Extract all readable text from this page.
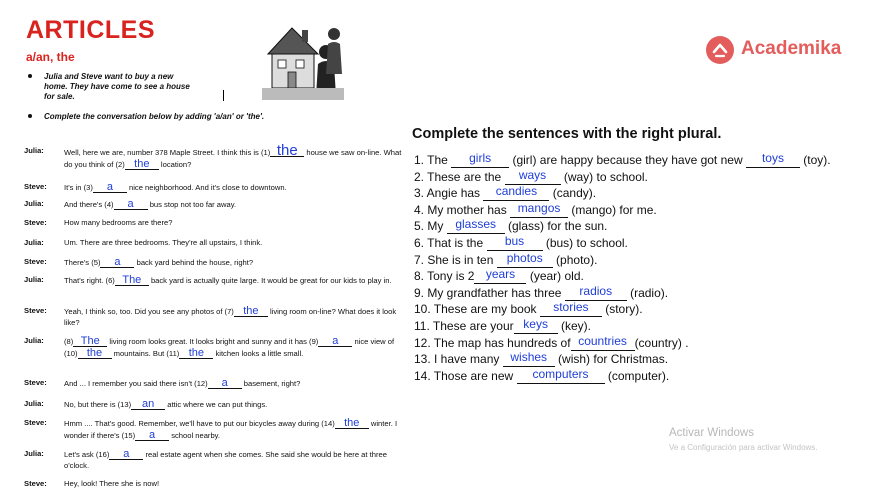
ARTICLES
a/an, the
Julia and Steve want to buy a new
home. They have come to see a house
for sale.
Complete the conversation below by adding 'a/an' or 'the'.
Julia:	Well, here we are, number 378 Maple Street. I think this is (1) the house we saw on-line. What do you think of (2) the location?
Steve: It's in (3) a nice neighborhood. And it's close to downtown.
Julia:	And there's (4) a bus stop not too far away.
Steve: How many bedrooms are there?
Julia:	Um. There are three bedrooms. They're all upstairs, I think.
Steve: There's (5) a back yard behind the house, right?
Julia:	That's right. (6) The back yard is actually quite large. It would be great for our kids to play in.
Steve: Yeah, I think so, too. Did you see any photos of (7) the living room on-line? What does it look like?
Julia:	(8) The living room looks great. It looks bright and sunny and it has (9) a nice view of (10) the mountains. But (11) the kitchen looks a little small.
Steve: And ... I remember you said there isn't (12) a basement, right?
Julia:	No, but there is (13) an attic where we can put things.
Steve: Hmm .... That's good. Remember, we'll have to put our bicycles away during (14) the winter. I wonder if there's (15) a school nearby.
Julia:	Let's ask (16) a real estate agent when she comes. She said she would be here at three o'clock.
Steve: Hey, look! There she is now!
Academika
Complete the sentences with the right plural.
1. The girls (girl) are happy because they have got new toys (toy).
2. These are the ways (way) to school.
3. Angie has candies (candy).
4. My mother has mangos (mango) for me.
5. My glasses (glass) for the sun.
6. That is the bus (bus) to school.
7. She is in ten photos (photo).
8. Tony is 2 years (year) old.
9. My grandfather has three radios (radio).
10. These are my book stories (story).
11. These are your keys (key).
12. The map has hundreds of countries (country) .
13. I have many wishes (wish) for Christmas.
14. Those are new computers (computer).
Activar Windows
Ve a Configuración para activar Windows.
